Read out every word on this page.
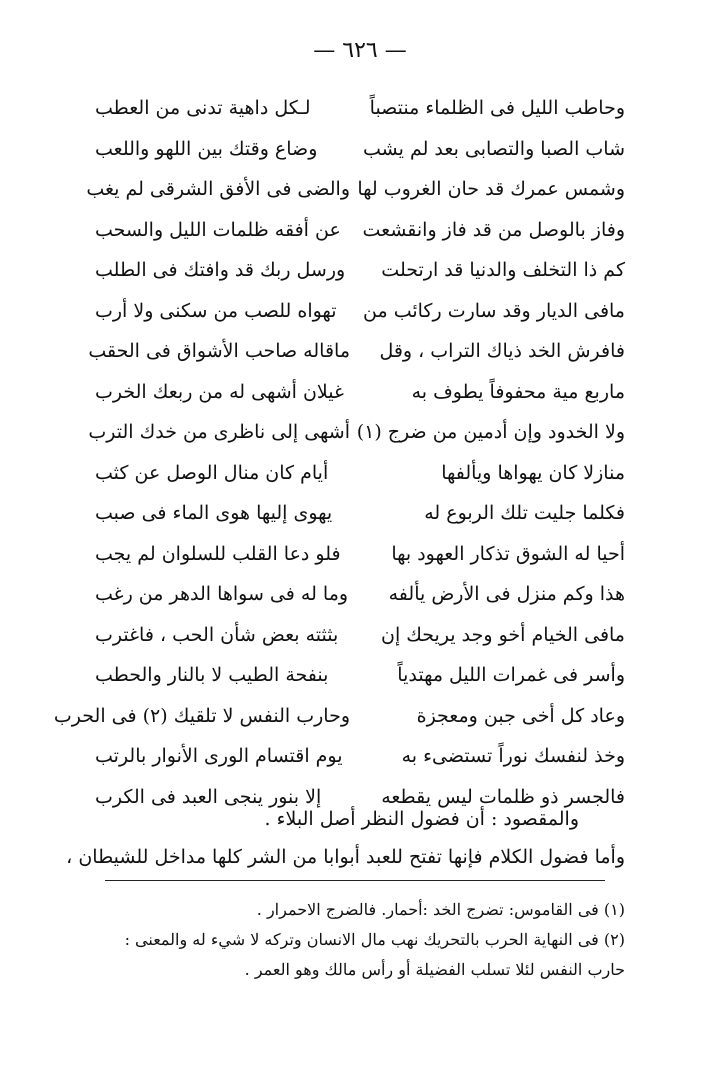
— ٦٢٦ —
وحاطب الليل فى الظلماء منتصباً
لـكل داهية تدنى من العطب
شاب الصبا والتصابى بعد لم يشب
وضاع وقتك بين اللهو واللعب
وشمس عمرك قد حان الغروب لها
والضى فى الأفق الشرقى لم يغب
وفاز بالوصل من قد فاز وانقشعت
عن أفقه ظلمات الليل والسحب
كم ذا التخلف والدنيا قد ارتحلت
ورسل ربك قد وافتك فى الطلب
مافى الديار وقد سارت ركائب من
تهواه للصب من سكنى ولا أرب
فافرش الخد ذياك التراب ، وقل
ماقاله صاحب الأشواق فى الحقب
ماربع مية محفوفاً يطوف به
غيلان أشهى له من ربعك الخرب
ولا الخدود وإن أدمين من ضرج (١)
أشهى إلى ناظرى من خدك الترب
منازلا كان يهواها ويألفها
أيام كان منال الوصل عن كثب
فكلما جليت تلك الربوع له
يهوى إليها هوى الماء فى صبب
أحيا له الشوق تذكار العهود بها
فلو دعا القلب للسلوان لم يجب
هذا وكم منزل فى الأرض يألفه
وما له فى سواها الدهر من رغب
مافى الخيام أخو وجد يريحك إن
بثثته بعض شأن الحب ، فاغترب
وأسر فى غمرات الليل مهتدياً
بنفحة الطيب لا بالنار والحطب
وعاد كل أخى جبن ومعجزة
وحارب النفس لا تلقيك (٢) فى الحرب
وخذ لنفسك نوراً تستضىء به
يوم اقتسام الورى الأنوار بالرتب
فالجسر ذو ظلمات ليس يقطعه
إلا بنور ينجى العبد فى الكرب
والمقصود : أن فضول النظر أصل البلاء .
وأما فضول الكلام فإنها تفتح للعبد أبوابا من الشر كلها مداخل للشيطان ،
(١) فى القاموس: تضرج الخد :أحمار. فالضرج الاحمرار .
(٢) فى النهاية الحرب بالتحريك نهب مال الانسان وتركه لا شيء له والمعنى :
حارب النفس لئلا تسلب الفضيلة أو رأس مالك وهو العمر .
